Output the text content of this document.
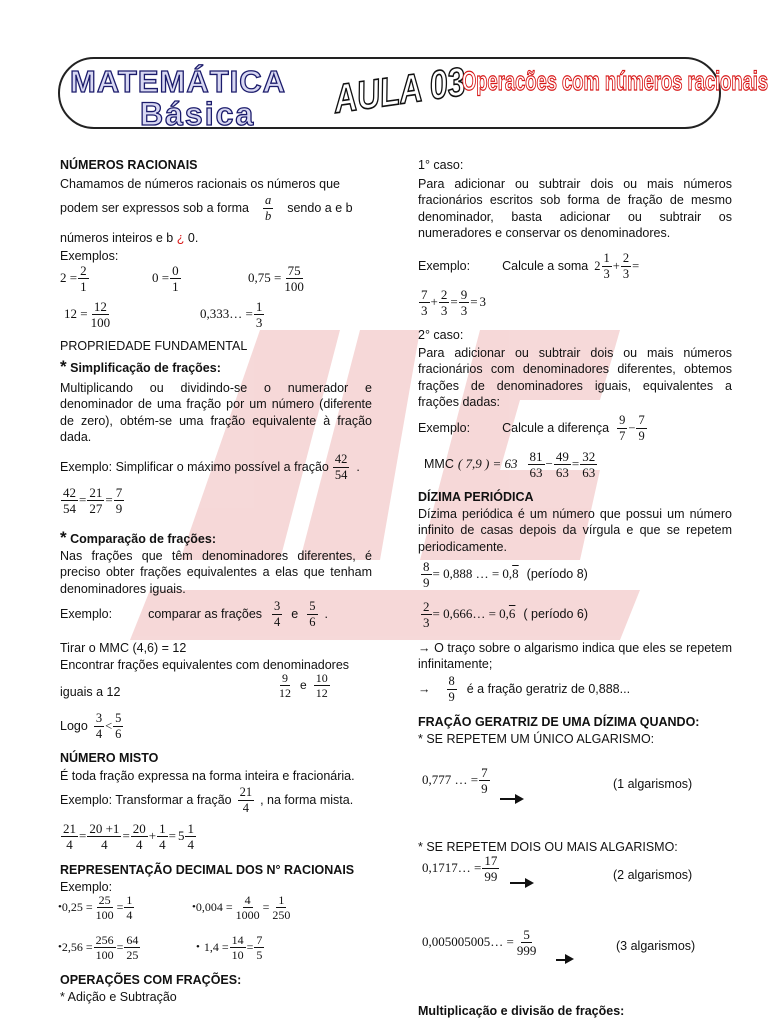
MATEMÁTICA
Básica AULA 03
Operacões com números racionais
NÚMEROS RACIONAIS
Chamamos de números racionais os números que
podem ser expressos sob a forma
a
b
sendo a e b
números inteiros e b ¿ 0.
Exemplos:
$2 = \frac{2}{1}$	$0 = \frac{0}{1}$	$0,75 = \frac{75}{100}$
$12 = \frac{12}{100}$	0,333… = $\frac{1}{3}$
PROPRIEDADE FUNDAMENTAL
* Simplificação de frações:
Multiplicando ou dividindo-se o numerador e denominador de uma fração por um número (diferente de zero), obtém-se uma fração equivalente à fração dada.
Exemplo: Simplificar o máximo possível a fração
42
54
.
$\frac{42}{54} = \frac{21}{27} = \frac{7}{9}$
* Comparação de frações:
Nas frações que têm denominadores diferentes, é preciso obter frações equivalentes a elas que tenham denominadores iguais.
Exemplo:	comparar as frações
3
4
e
5
6
.
Tirar o MMC (4,6) = 12
Encontrar frações equivalentes com denominadores
iguais a 12
9
12
e 10
12
Logo
3
4
<
5
6
NÚMERO MISTO
É toda fração expressa na forma inteira e fracionária.
Exemplo: Transformar a fração
21
4
, na forma mista.
$\frac{21}{4} = \frac{20 +1}{4} = \frac{20}{4} + \frac{1}{4} = 5$ 1
4
REPRESENTAÇÃO DECIMAL DOS N° RACIONAIS
Exemplo:
• $0,25 = \frac{25}{100} = \frac{1}{4}$	• $0,004 = \frac{4}{1000} = \frac{1}{250}$
• $2,56 = \frac{256}{100} = \frac{64}{25}$	• $1,4 = \frac{14}{10} = \frac{7}{5}$
OPERAÇÕES COM FRAÇÕES:
* Adição e Subtração
1° caso:
Para adicionar ou subtrair dois ou mais números fracionários escritos sob forma de fração de mesmo denominador, basta adicionar ou subtrair os numeradores e conservar os denominadores.
Exemplo:	Calcule a soma 2
1
3
+ $\frac{2}{3}$ =
7
3
+ $\frac{2}{3} = \frac{9}{3} = 3$
2° caso:
Para adicionar ou subtrair dois ou mais números fracionários com denominadores diferentes, obtemos frações de denominadores iguais, equivalentes a frações dadas:
Exemplo:	Calcule a diferença
9
7
− $\frac{7}{9}$
MMC ( 7,9 ) = 63 81
63
− $\frac{49}{63} = \frac{32}{63}$
DÍZIMA PERIÓDICA
Dízima periódica é um número que possui um número infinito de casas depois da vírgula e que se repetem periodicamente.
$\frac{8}{9} = 0,888$ … = 0, 8 (período 8)
$\frac{2}{3}$ = 0,666… = 0, 6 ( período 6)
→ O traço sobre o algarismo indica que eles se repetem infinitamente;
→
8
9
é a fração geratriz de 0,888...
FRAÇÃO GERATRIZ DE UMA DÍZIMA QUANDO:
* SE REPETEM UM ÚNICO ALGARISMO:
0,777 … = $\frac{7}{9}$	(1 algarismos)
* SE REPETEM DOIS OU MAIS ALGARISMO:
0,1717… = $\frac{17}{99}$	(2 algarismos)
0,005005005… = $\frac{5}{999}$	(3 algarismos)
Multiplicação e divisão de frações:
